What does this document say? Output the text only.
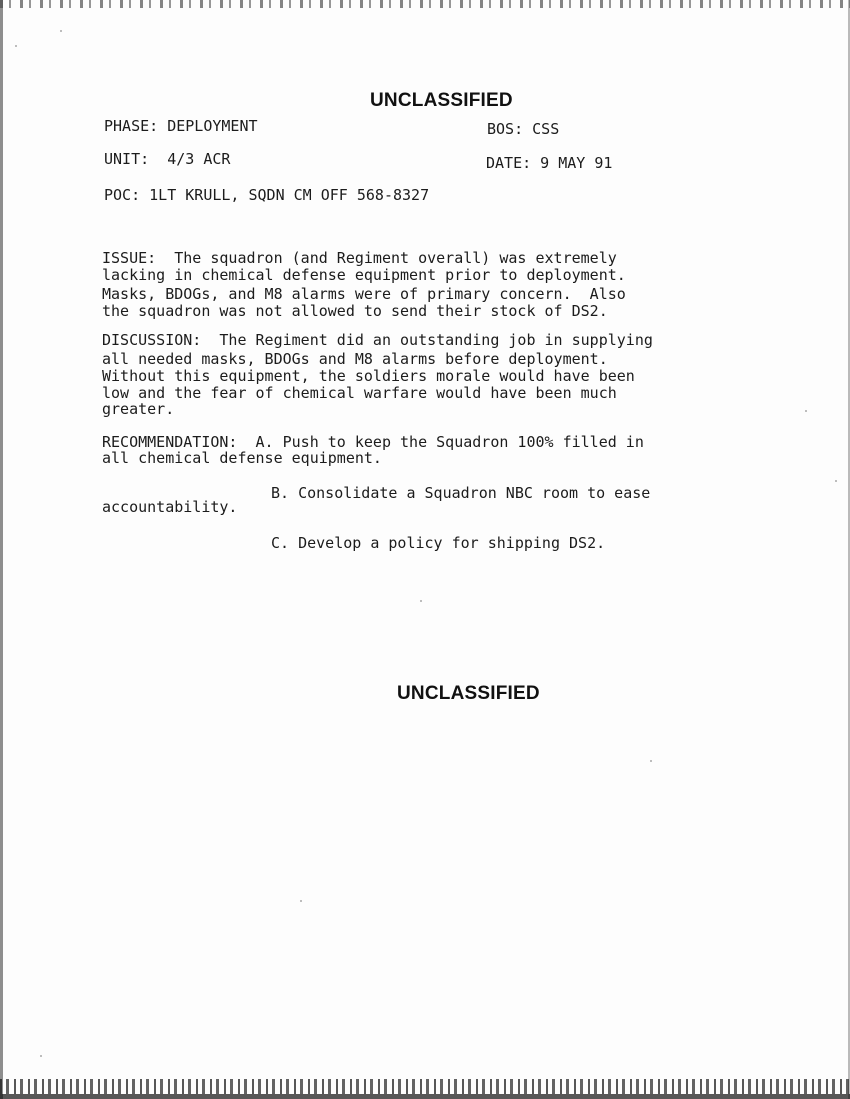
UNCLASSIFIED
PHASE: DEPLOYMENT	BOS: CSS
UNIT:  4/3 ACR	DATE: 9 MAY 91
POC: 1LT KRULL, SQDN CM OFF 568-8327
ISSUE:  The squadron (and Regiment overall) was extremely
lacking in chemical defense equipment prior to deployment.
Masks, BDOGs, and M8 alarms were of primary concern.  Also
the squadron was not allowed to send their stock of DS2.
DISCUSSION:  The Regiment did an outstanding job in supplying
all needed masks, BDOGs and M8 alarms before deployment.
Without this equipment, the soldiers morale would have been
low and the fear of chemical warfare would have been much
greater.
RECOMMENDATION:  A. Push to keep the Squadron 100% filled in
all chemical defense equipment.
B. Consolidate a Squadron NBC room to ease
accountability.
C. Develop a policy for shipping DS2.
UNCLASSIFIED
